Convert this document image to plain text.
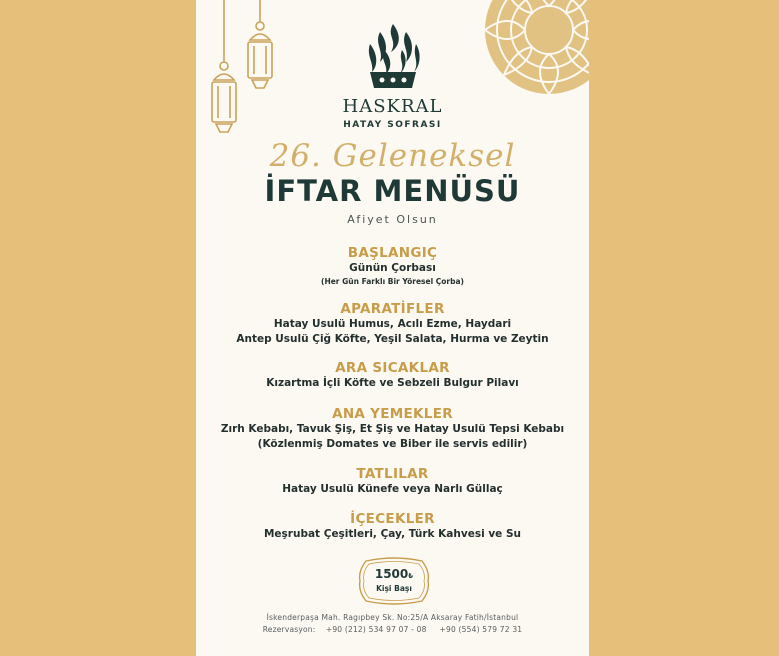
HASKRAL
HATAY SOFRASI
26. Geleneksel
İFTAR MENÜSÜ
Afiyet Olsun
BAŞLANGIÇ
Günün Çorbası
(Her Gün Farklı Bir Yöresel Çorba)
APARATİFLER
Hatay Usulü Humus, Acılı Ezme, Haydari
Antep Usulü Çiğ Köfte, Yeşil Salata, Hurma ve Zeytin
ARA SICAKLAR
Kızartma İçli Köfte ve Sebzeli Bulgur Pilavı
ANA YEMEKLER
Zırh Kebabı, Tavuk Şiş, Et Şiş ve Hatay Usulü Tepsi Kebabı
(Közlenmiş Domates ve Biber ile servis edilir)
TATLILAR
Hatay Usulü Künefe veya Narlı Güllaç
İÇECEKLER
Meşrubat Çeşitleri, Çay, Türk Kahvesi ve Su
1500₺
Kişi Başı
İskenderpaşa Mah. Ragıpbey Sk. No:25/A Aksaray Fatih/İstanbul
Rezervasyon: +90 (212) 534 97 07 - 08 +90 (554) 579 72 31
